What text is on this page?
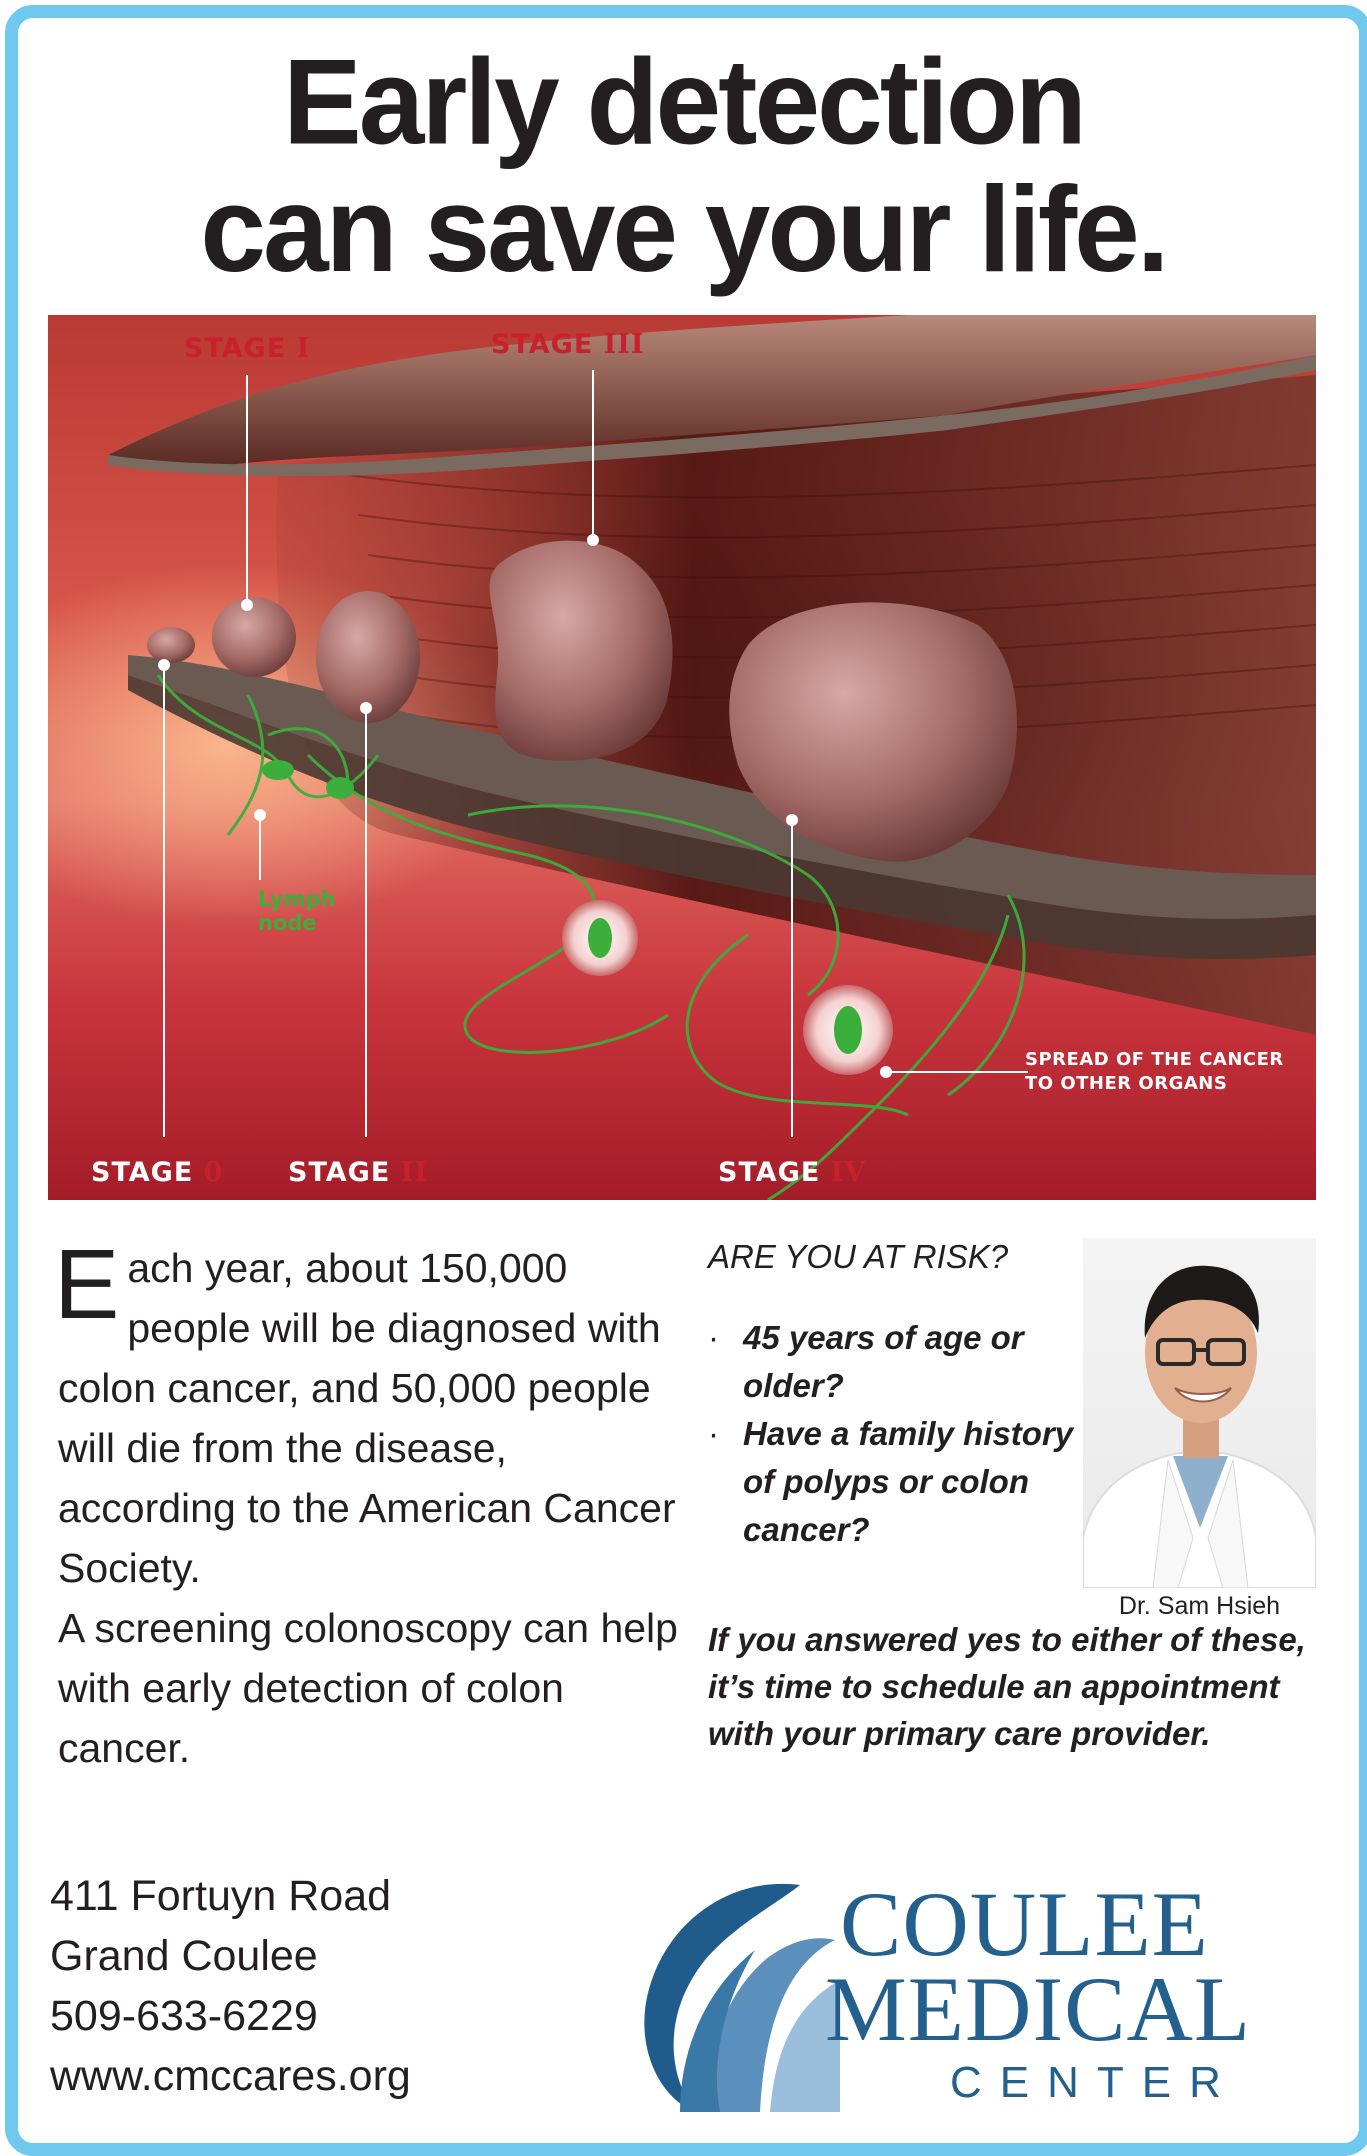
Early detection
can save your life.
STAGE I	STAGE III
STAGE 0 STAGE II	STAGE IV
Lymph
node
SPREAD OF THE CANCER
TO OTHER ORGANS
E ach year, about 150,000 people will be diagnosed with colon cancer, and 50,000 people will die from the disease, according to the American Cancer Society.

A screening colonoscopy can help with early detection of colon cancer.

ARE YOU AT RISK?
· 45 years of age or older?
· Have a family history of polyps or colon cancer?
If you answered yes to either of these, it’s time to schedule an appointment with your primary care provider.
Dr. Sam Hsieh
411 Fortuyn Road
Grand Coulee
509-633-6229
www.cmccares.org
COULEE
MEDICAL
CENTER
